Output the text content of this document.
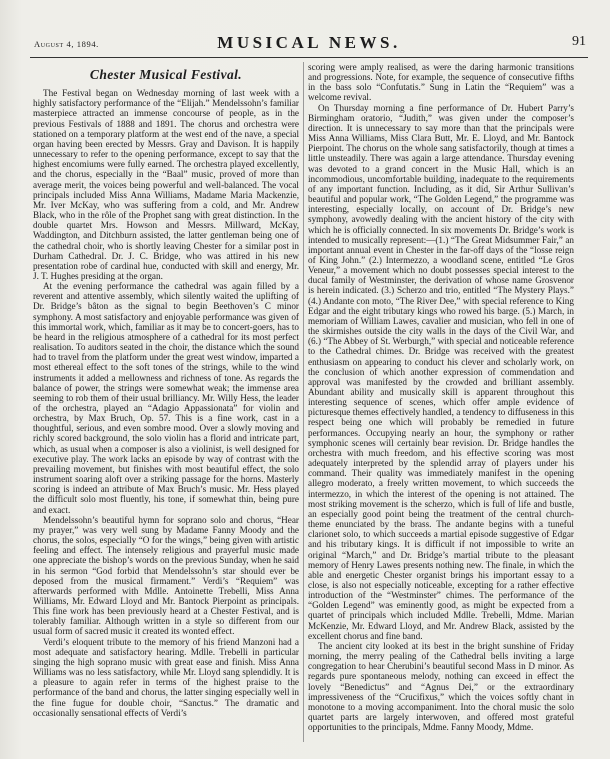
August 4, 1894.	MUSICAL NEWS.	91
Chester Musical Festival.

The Festival began on Wednesday morning of last week with a highly satisfactory performance of the “Elijah.” Mendelssohn’s familiar masterpiece attracted an immense concourse of people, as in the previous Festivals of 1888 and 1891. The chorus and orchestra were stationed on a temporary platform at the west end of the nave, a special organ having been erected by Messrs. Gray and Davison. It is happily unnecessary to refer to the opening performance, except to say that the highest encomiums were fully earned. The orchestra played excellently, and the chorus, especially in the “Baal” music, proved of more than average merit, the voices being powerful and well-balanced. The vocal principals included Miss Anna Williams, Madame Maria Mackenzie, Mr. Iver McKay, who was suffering from a cold, and Mr. Andrew Black, who in the rôle of the Prophet sang with great distinction. In the double quartet Mrs. Howson and Messrs. Millward, McKay, Waddington, and Ditchburn assisted, the latter gentleman being one of the cathedral choir, who is shortly leaving Chester for a similar post in Durham Cathedral. Dr. J. C. Bridge, who was attired in his new presentation robe of cardinal hue, conducted with skill and energy, Mr. J. T. Hughes presiding at the organ.

At the evening performance the cathedral was again filled by a reverent and attentive assembly, which silently waited the uplifting of Dr. Bridge’s bâton as the signal to begin Beethoven’s C minor symphony. A most satisfactory and enjoyable performance was given of this immortal work, which, familiar as it may be to concert-goers, has to be heard in the religious atmosphere of a cathedral for its most perfect realisation. To auditors seated in the choir, the distance which the sound had to travel from the platform under the great west window, imparted a most ethereal effect to the soft tones of the strings, while to the wind instruments it added a mellowness and richness of tone. As regards the balance of power, the strings were somewhat weak; the immense area seeming to rob them of their usual brilliancy. Mr. Willy Hess, the leader of the orchestra, played an “Adagio Appassionata” for violin and orchestra, by Max Bruch, Op. 57. This is a fine work, cast in a thoughtful, serious, and even sombre mood. Over a slowly moving and richly scored background, the solo violin has a florid and intricate part, which, as usual when a composer is also a violinist, is well designed for executive play. The work lacks an episode by way of contrast with the prevailing movement, but finishes with most beautiful effect, the solo instrument soaring aloft over a striking passage for the horns. Masterly scoring is indeed an attribute of Max Bruch’s music. Mr. Hess played the difficult solo most fluently, his tone, if somewhat thin, being pure and exact.

Mendelssohn’s beautiful hymn for soprano solo and chorus, “Hear my prayer,” was very well sung by Madame Fanny Moody and the chorus, the solos, especially “O for the wings,” being given with artistic feeling and effect. The intensely religious and prayerful music made one appreciate the bishop’s words on the previous Sunday, when he said in his sermon “God forbid that Mendelssohn’s star should ever be deposed from the musical firmament.” Verdi’s “Requiem” was afterwards performed with Mdlle. Antoinette Trebelli, Miss Anna Williams, Mr. Edward Lloyd and Mr. Bantock Pierpoint as principals. This fine work has been previously heard at a Chester Festival, and is tolerably familiar. Although written in a style so different from our usual form of sacred music it created its wonted effect.

Verdi’s eloquent tribute to the memory of his friend Manzoni had a most adequate and satisfactory hearing. Mdlle. Trebelli in particular singing the high soprano music with great ease and finish. Miss Anna Williams was no less satisfactory, while Mr. Lloyd sang splendidly. It is a pleasure to again refer in terms of the highest praise to the performance of the band and chorus, the latter singing especially well in the fine fugue for double choir, “Sanctus.” The dramatic and occasionally sensational effects of Verdi’s

scoring were amply realised, as were the daring harmonic transitions and progressions. Note, for example, the sequence of consecutive fifths in the bass solo “Confutatis.” Sung in Latin the “Requiem” was a welcome revival.

On Thursday morning a fine performance of Dr. Hubert Parry’s Birmingham oratorio, “Judith,” was given under the composer’s direction. It is unnecessary to say more than that the principals were Miss Anna Williams, Miss Clara Butt, Mr. E. Lloyd, and Mr. Bantock Pierpoint. The chorus on the whole sang satisfactorily, though at times a little unsteadily. There was again a large attendance. Thursday evening was devoted to a grand concert in the Music Hall, which is an incommodious, uncomfortable building, inadequate to the requirements of any important function. Including, as it did, Sir Arthur Sullivan’s beautiful and popular work, “The Golden Legend,” the programme was interesting, especially locally, on account of Dr. Bridge’s new symphony, avowedly dealing with the ancient history of the city with which he is officially connected. In six movements Dr. Bridge’s work is intended to musically represent:—(1.) “The Great Midsummer Fair,” an important annual event in Chester in the far-off days of the “losse reign of King John.” (2.) Intermezzo, a woodland scene, entitled “Le Gros Veneur,” a movement which no doubt possesses special interest to the ducal family of Westminster, the derivation of whose name Grosvenor is herein indicated. (3.) Scherzo and trio, entitled “The Mystery Plays.” (4.) Andante con moto, “The River Dee,” with special reference to King Edgar and the eight tributary kings who rowed his barge. (5.) March, in memoriam of William Lawes, cavalier and musician, who fell in one of the skirmishes outside the city walls in the days of the Civil War, and (6.) “The Abbey of St. Werburgh,” with special and noticeable reference to the Cathedral chimes. Dr. Bridge was received with the greatest enthusiasm on appearing to conduct his clever and scholarly work, on the conclusion of which another expression of commendation and approval was manifested by the crowded and brilliant assembly. Abundant ability and musically skill is apparent throughout this interesting sequence of scenes, which offer ample evidence of picturesque themes effectively handled, a tendency to diffuseness in this respect being one which will probably be remedied in future performances. Occupying nearly an hour, the symphony or rather symphonic scenes will certainly bear revision. Dr. Bridge handles the orchestra with much freedom, and his effective scoring was most adequately interpreted by the splendid array of players under his command. Their quality was immediately manifest in the opening allegro moderato, a freely written movement, to which succeeds the intermezzo, in which the interest of the opening is not attained. The most striking movement is the scherzo, which is full of life and bustle, an especially good point being the treatment of the central church-theme enunciated by the brass. The andante begins with a tuneful clarionet solo, to which succeeds a martial episode suggestive of Edgar and his tributary kings. It is difficult if not impossible to write an original “March,” and Dr. Bridge’s martial tribute to the pleasant memory of Henry Lawes presents nothing new. The finale, in which the able and energetic Chester organist brings his important essay to a close, is also not especially noticeable, excepting for a rather effective introduction of the “Westminster” chimes. The performance of the “Golden Legend” was eminently good, as might be expected from a quartet of principals which included Mdlle. Trebelli, Mdme. Marian McKenzie, Mr. Edward Lloyd, and Mr. Andrew Black, assisted by the excellent chorus and fine band.

The ancient city looked at its best in the bright sunshine of Friday morning, the merry pealing of the Cathedral bells inviting a large congregation to hear Cherubini’s beautiful second Mass in D minor. As regards pure spontaneous melody, nothing can exceed in effect the lovely “Benedictus” and “Agnus Dei,” or the extraordinary impressiveness of the “Crucifixus,” which the voices softly chant in monotone to a moving accompaniment. Into the choral music the solo quartet parts are largely interwoven, and offered most grateful opportunities to the principals, Mdme. Fanny Moody, Mdme.
